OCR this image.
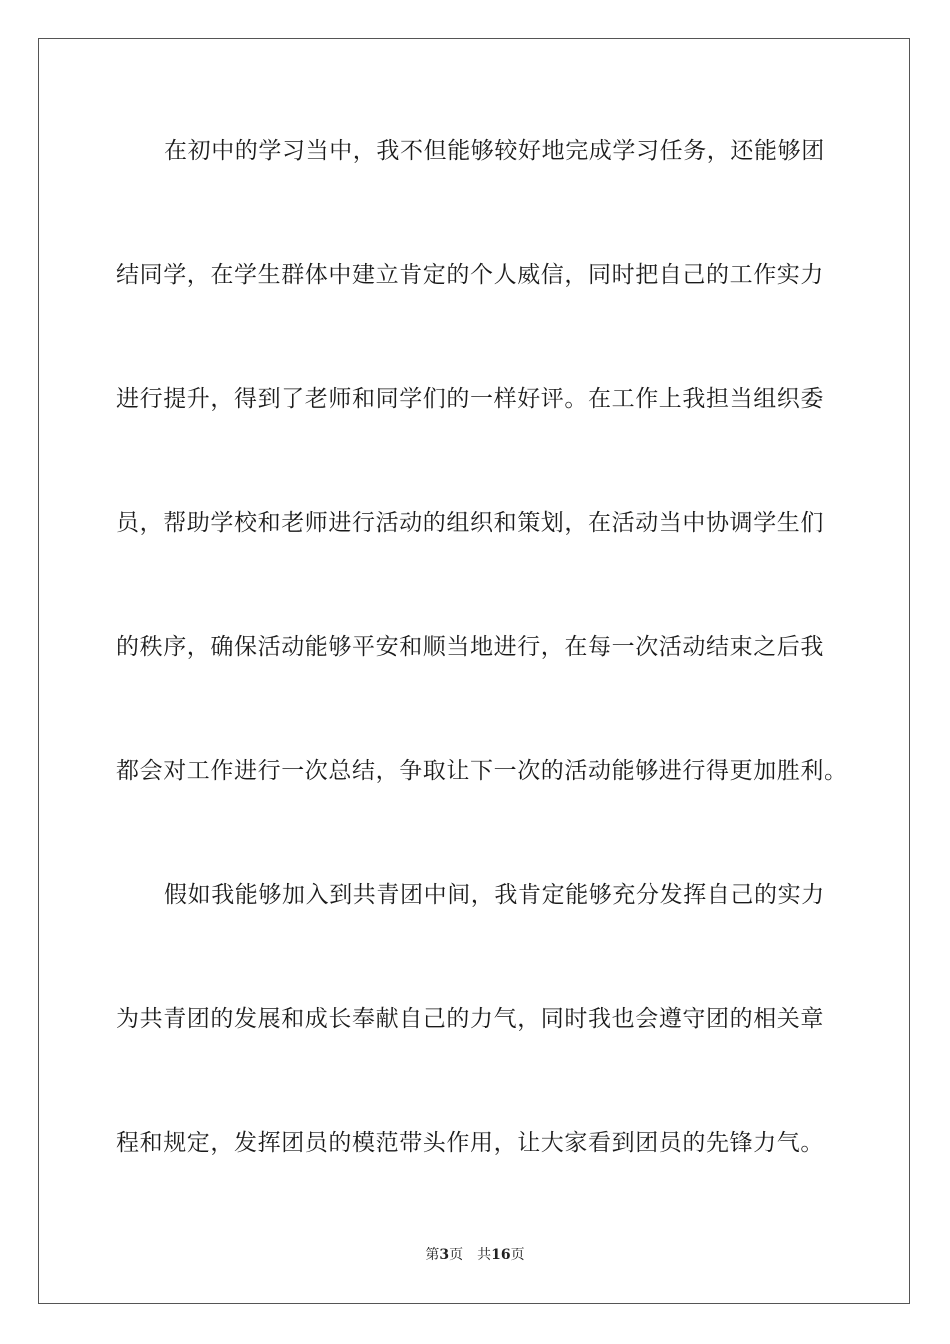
在初中的学习当中，我不但能够较好地完成学习任务，还能够团
结同学，在学生群体中建立肯定的个人威信，同时把自己的工作实力
进行提升，得到了老师和同学们的一样好评。在工作上我担当组织委
员，帮助学校和老师进行活动的组织和策划，在活动当中协调学生们
的秩序，确保活动能够平安和顺当地进行，在每一次活动结束之后我
都会对工作进行一次总结，争取让下一次的活动能够进行得更加胜利。
假如我能够加入到共青团中间，我肯定能够充分发挥自己的实力
为共青团的发展和成长奉献自己的力气，同时我也会遵守团的相关章
程和规定，发挥团员的模范带头作用，让大家看到团员的先锋力气。
第3页 共16页
